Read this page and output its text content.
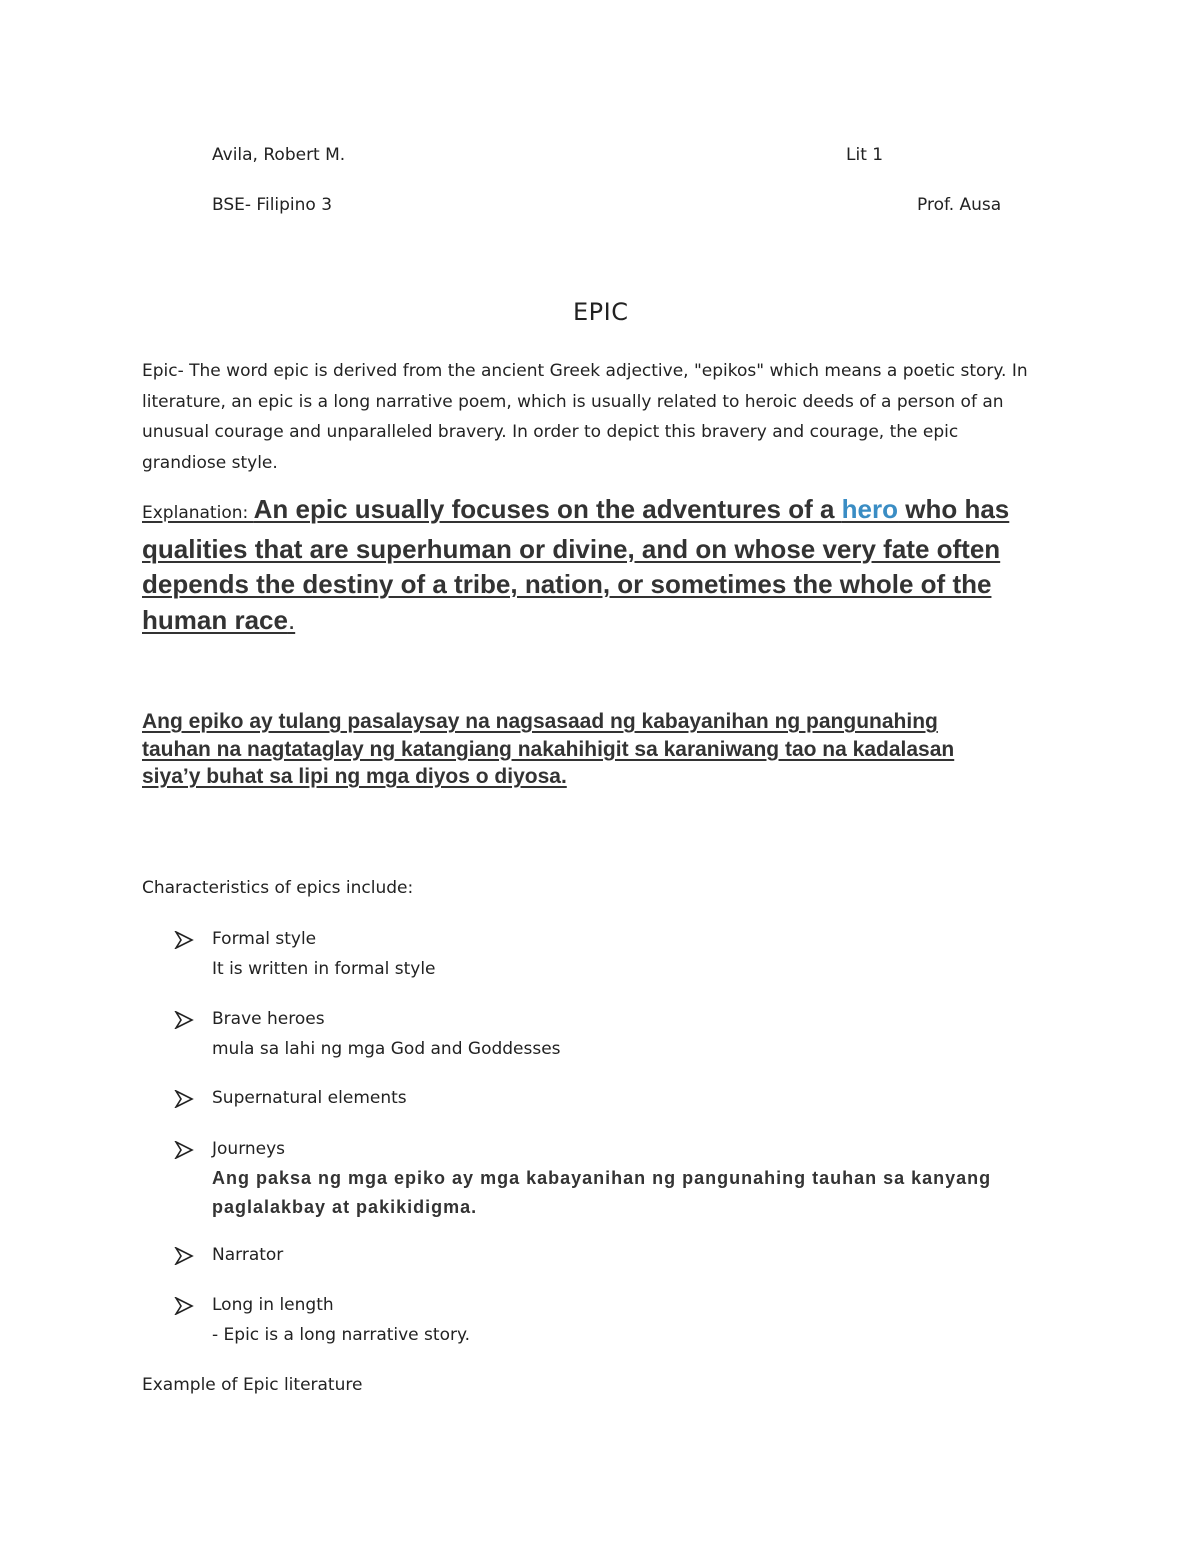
Avila, Robert M.	Lit 1
BSE- Filipino 3	Prof. Ausa
EPIC
Epic- The word epic is derived from the ancient Greek adjective, "epikos" which means a poetic story. In
literature, an epic is a long narrative poem, which is usually related to heroic deeds of a person of an
unusual courage and unparalleled bravery. In order to depict this bravery and courage, the epic
grandiose style.
Explanation: An epic usually focuses on the adventures of a hero who has
qualities that are superhuman or divine, and on whose very fate often
depends the destiny of a tribe, nation, or sometimes the whole of the
human race.
Ang epiko ay tulang pasalaysay na nagsasaad ng kabayanihan ng pangunahing
tauhan na nagtataglay ng katangiang nakahihigit sa karaniwang tao na kadalasan
siya’y buhat sa lipi ng mga diyos o diyosa.
Characteristics of epics include:
Formal style
It is written in formal style
Brave heroes
mula sa lahi ng mga God and Goddesses
Supernatural elements
Journeys
Ang paksa ng mga epiko ay mga kabayanihan ng pangunahing tauhan sa kanyang
paglalakbay at pakikidigma.
Narrator
Long in length
- Epic is a long narrative story.
Example of Epic literature
